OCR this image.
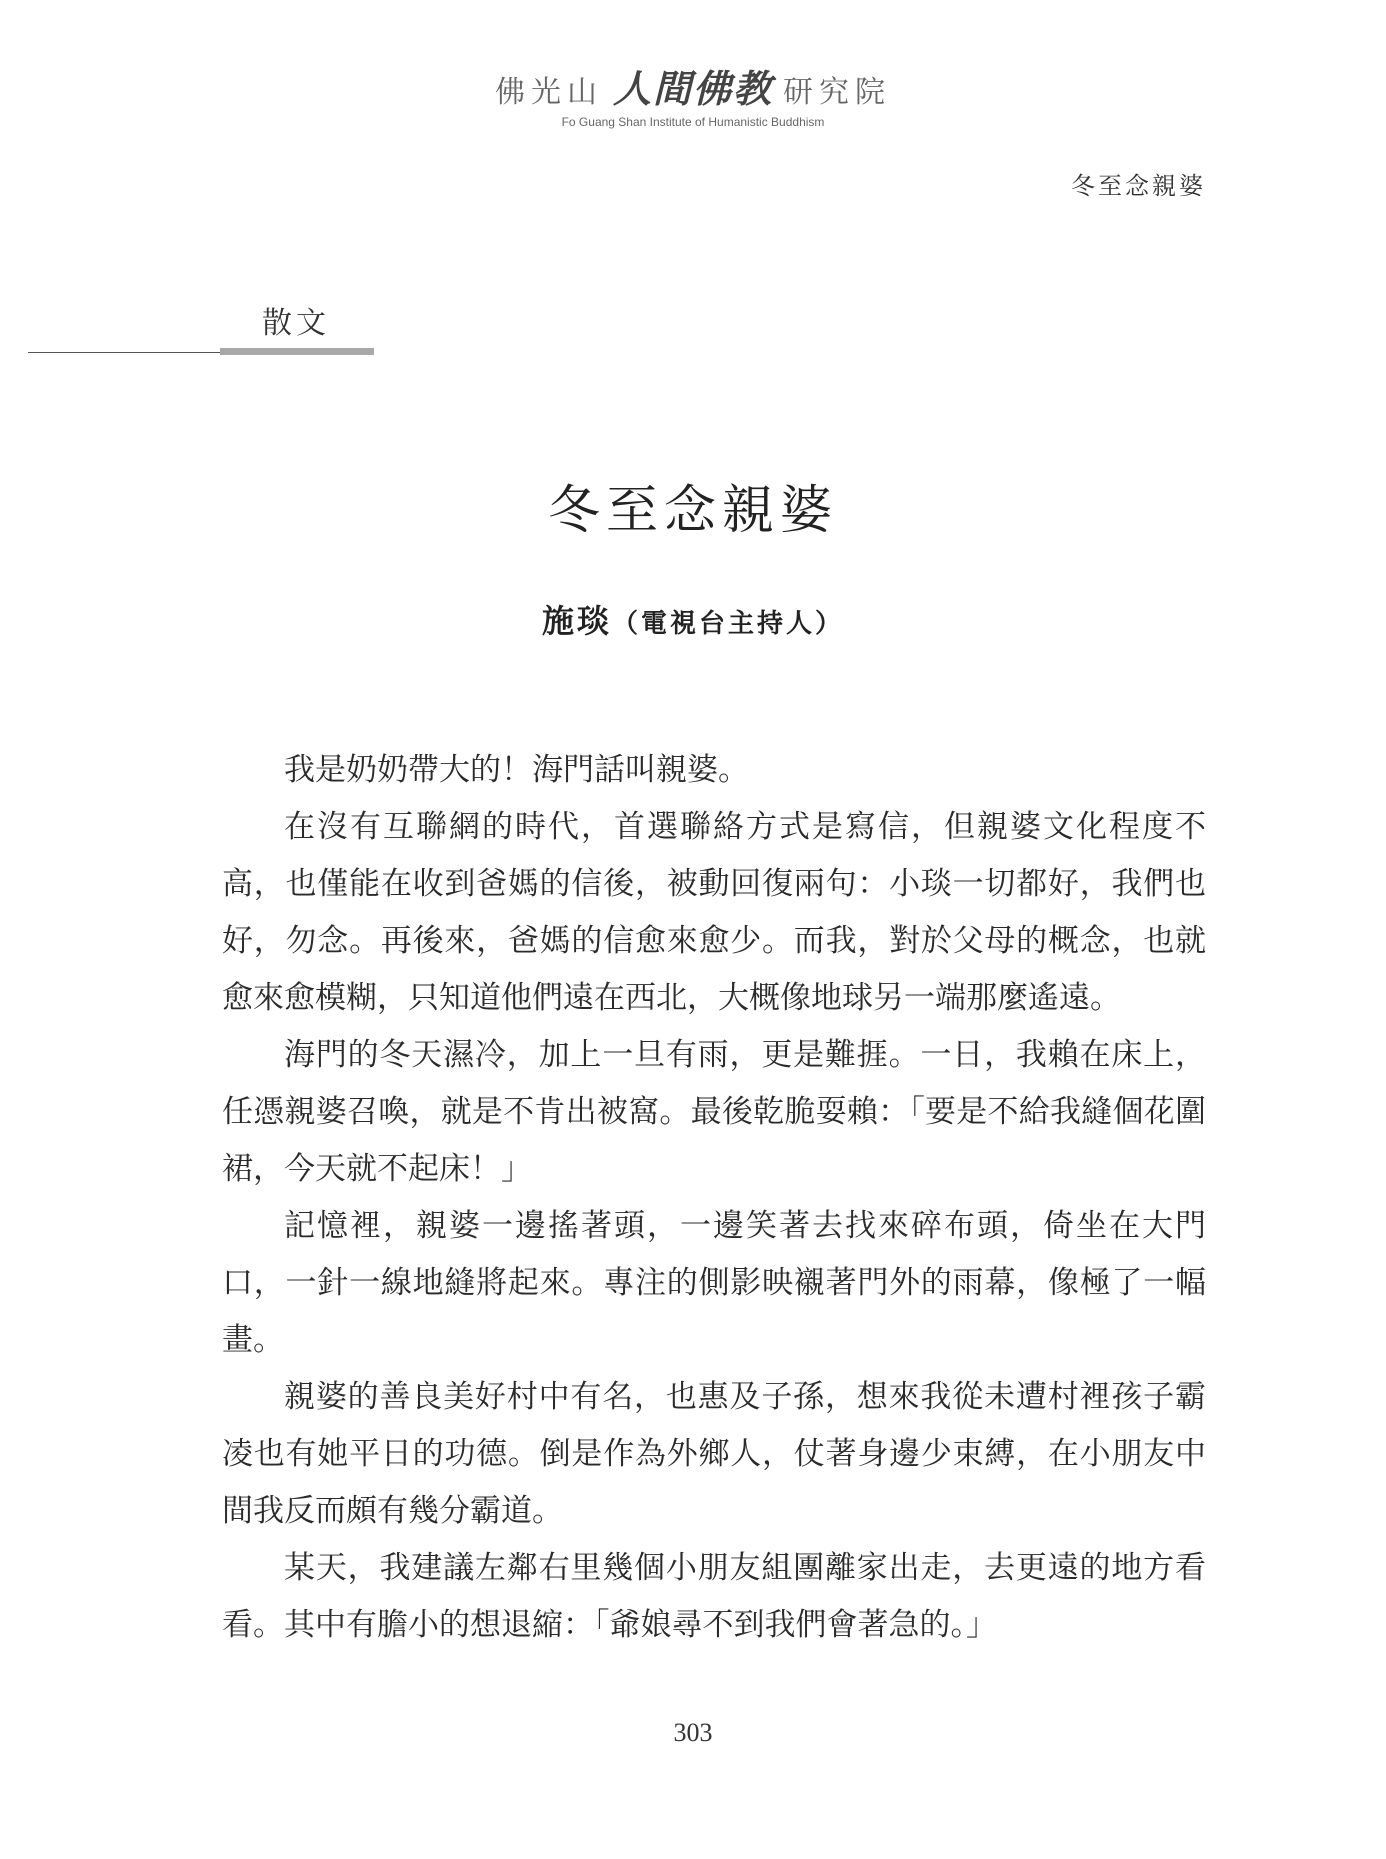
佛光山 人間佛教 研究院
Fo Guang Shan Institute of Humanistic Buddhism
冬至念親婆
散文
冬至念親婆
施琰（電視台主持人）

我是奶奶帶大的！海門話叫親婆。

在沒有互聯網的時代，首選聯絡方式是寫信，但親婆文化程度不高，也僅能在收到爸媽的信後，被動回復兩句：小琰一切都好，我們也好，勿念。再後來，爸媽的信愈來愈少。而我，對於父母的概念，也就愈來愈模糊，只知道他們遠在西北，大概像地球另一端那麼遙遠。

海門的冬天濕冷，加上一旦有雨，更是難捱。一日，我賴在床上，任憑親婆召喚，就是不肯出被窩。最後乾脆耍賴：「要是不給我縫個花圍裙，今天就不起床！」

記憶裡，親婆一邊搖著頭，一邊笑著去找來碎布頭，倚坐在大門口，一針一線地縫將起來。專注的側影映襯著門外的雨幕，像極了一幅畫。

親婆的善良美好村中有名，也惠及子孫，想來我從未遭村裡孩子霸凌也有她平日的功德。倒是作為外鄉人，仗著身邊少束縛，在小朋友中間我反而頗有幾分霸道。

某天，我建議左鄰右里幾個小朋友組團離家出走，去更遠的地方看看。其中有膽小的想退縮：「爺娘尋不到我們會著急的。」

303
